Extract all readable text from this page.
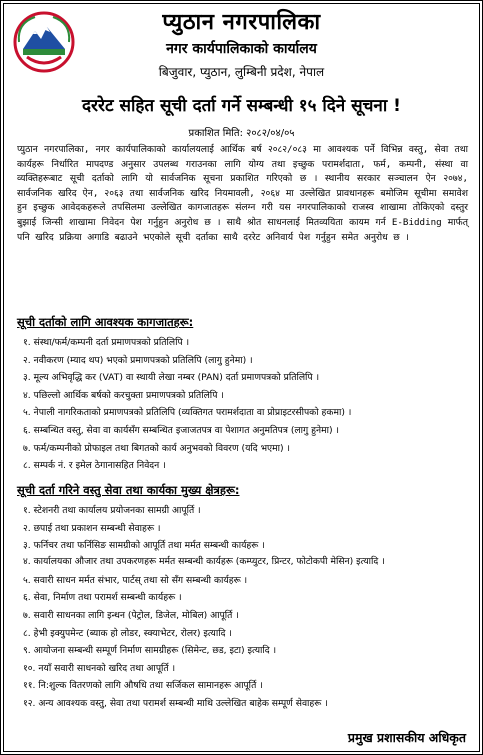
प्युठान नगरपालिका
नगर कार्यपालिकाको कार्यालय
बिजुवार, प्युठान, लुम्बिनी प्रदेश, नेपाल
दररेट सहित सूची दर्ता गर्ने सम्बन्धी १५ दिने सूचना !
प्रकाशित मिति: २०८२/०४/०५
प्युठान नगरपालिका, नगर कार्यपालिकाको कार्यालयलाई आर्थिक बर्ष २०८२/०८३ मा आवश्यक पर्ने विभिन्न वस्तु, सेवा तथा कार्यहरू निर्धारित मापदण्ड अनुसार उपलब्ध गराउनका लागि योग्य तथा इच्छुक परामर्शदाता, फर्म, कम्पनी, संस्था वा व्यक्तिहरूबाट सूची दर्ताको लागि यो सार्वजनिक सूचना प्रकाशित गरिएको छ । स्थानीय सरकार सञ्चालन ऐन २०७४, सार्वजनिक खरिद ऐन, २०६३ तथा सार्वजनिक खरिद नियमावली, २०६४ मा उल्लेखित प्रावधानहरू बमोजिम सूचीमा समावेश हुन इच्छुक आवेदकहरूले तपसिलमा उल्लेखित कागजातहरू संलग्न गरी यस नगरपालिकाको राजस्व शाखामा तोकिएको दस्तुर बुझाई जिन्सी शाखामा निवेदन पेश गर्नुहुन अनुरोध छ । साथै श्रोत साधनलाई मितव्ययिता कायम गर्न E-Bidding मार्फत् पनि खरिद प्रक्रिया अगाडि बढाउने भएकोले सूची दर्ताका साथै दररेट अनिवार्य पेश गर्नुहुन समेत अनुरोध छ ।
सूची दर्ताको लागि आवश्यक कागजातहरू:
१. संस्था/फर्म/कम्पनी दर्ता प्रमाणपत्रको प्रतिलिपि ।
२. नवीकरण (म्याद थप) भएको प्रमाणपत्रको प्रतिलिपि (लागु हुनेमा) ।
३. मूल्य अभिवृद्धि कर (VAT) वा स्थायी लेखा नम्बर (PAN) दर्ता प्रमाणपत्रको प्रतिलिपि ।
४. पछिल्लो आर्थिक बर्षको करचुक्ता प्रमाणपत्रको प्रतिलिपि ।
५. नेपाली नागरिकताको प्रमाणपत्रको प्रतिलिपि (व्यक्तिगत परामर्शदाता वा प्रोप्राइटरसीपको हकमा) ।
६. सम्बन्धित वस्तु, सेवा वा कार्यसँग सम्बन्धित इजाजतपत्र वा पेशागत अनुमतिपत्र (लागु हुनेमा) ।
७. फर्म/कम्पनीको प्रोफाइल तथा बिगतको कार्य अनुभवको विवरण (यदि भएमा) ।
८. सम्पर्क नं. र इमेल ठेगानासहित निवेदन ।
सूची दर्ता गरिने वस्तु सेवा तथा कार्यका मुख्य क्षेत्रहरू:
१. स्टेशनरी तथा कार्यालय प्रयोजनका सामग्री आपूर्ति ।
२. छपाई तथा प्रकाशन सम्बन्धी सेवाहरू ।
३. फर्निचर तथा फर्निसिङ सामग्रीको आपूर्ति तथा मर्मत सम्बन्धी कार्यहरू ।
४. कार्यालयका औजार तथा उपकरणहरू मर्मत सम्बन्धी कार्यहरू (कम्प्युटर, प्रिन्टर, फोटोकपी मेसिन) इत्यादि ।
५. सवारी साधन मर्मत संभार, पार्टस् तथा सो सँग सम्बन्धी कार्यहरू ।
६. सेवा, निर्माण तथा परामर्श सम्बन्धी कार्यहरू ।
७. सवारी साधनका लागि इन्धन (पेट्रोल, डिजेल, मोबिल) आपूर्ति ।
८. हेभी इक्युपमेन्ट (ब्याक हो लोडर, स्क्याभेटर, रोलर) इत्यादि ।
९. आयोजना सम्बन्धी सम्पूर्ण निर्माण सामग्रीहरू (सिमेन्ट, छड, इटा) इत्यादि ।
१०. नयाँ सवारी साधनको खरिद तथा आपूर्ति ।
११. नि:शुल्क वितरणको लागि औषधि तथा सर्जिकल सामानहरू आपूर्ति ।
१२. अन्य आवश्यक वस्तु, सेवा तथा परामर्श सम्बन्धी माथि उल्लेखित बाहेक सम्पूर्ण सेवाहरू ।
प्रमुख प्रशासकीय अधिकृत
